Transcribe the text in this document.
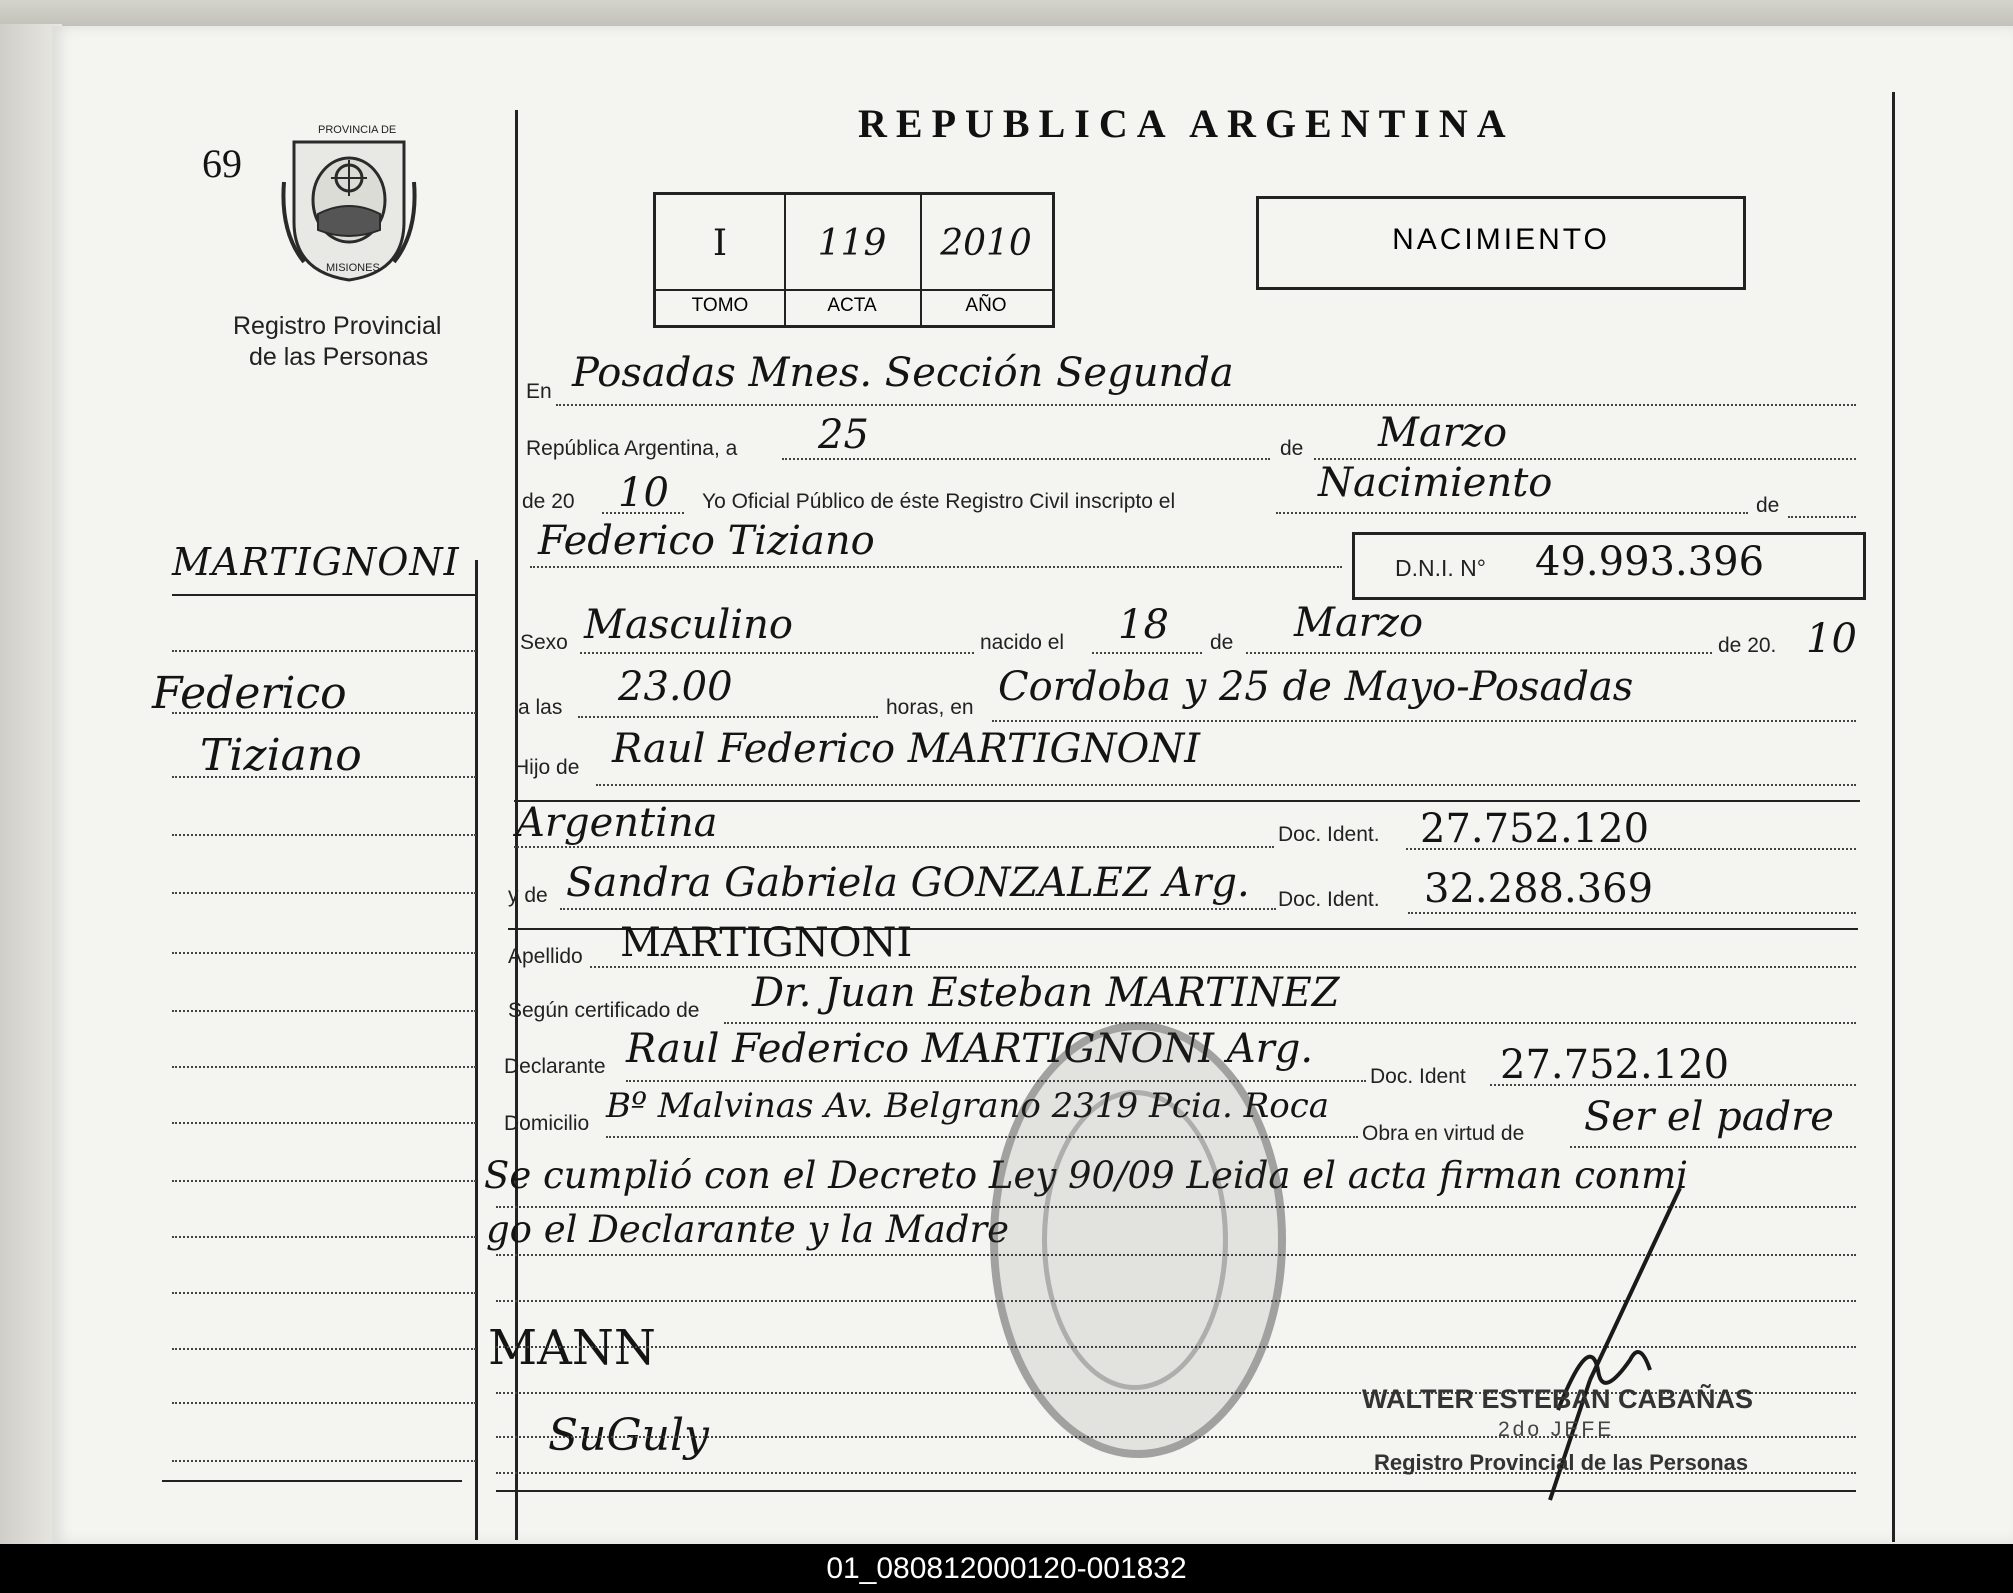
69
PROVINCIA DE
MISIONES
Registro Provincial
de las Personas
MARTIGNONI
Federico
Tiziano
MANN
SuGuly
REPUBLICA ARGENTINA
I	119	2010
TOMO	ACTA	AÑO
NACIMIENTO
En Posadas Mnes. Sección Segunda
República Argentina, a 25	de Marzo
de 20 10 Yo Oficial Público de éste Registro Civil inscripto el	Nacimiento	de
Federico Tiziano
D.N.I. N° 49.993.396
Sexo Masculino	nacido el 18 de Marzo	de 20. 10
a las 23.00	horas, en Cordoba y 25 de Mayo-Posadas
Hijo de Raul Federico MARTIGNONI
Argentina	Doc. Ident. 27.752.120
y de Sandra Gabriela GONZALEZ Arg. Doc. Ident. 32.288.369
Apellido MARTIGNONI
Según certificado de Dr. Juan Esteban MARTINEZ
Declarante Raul Federico MARTIGNONI Arg.
Doc. Ident 27.752.120
Domicilio Bº Malvinas Av. Belgrano 2319 Pcia. Roca
Obra en virtud de Ser el padre
Se cumplió con el Decreto Ley 90/09 Leida el acta firman conmi
go el Declarante y la Madre
WALTER ESTEBAN CABAÑAS
2do JEFE
Registro Provincial de las Personas
01_080812000120-001832
